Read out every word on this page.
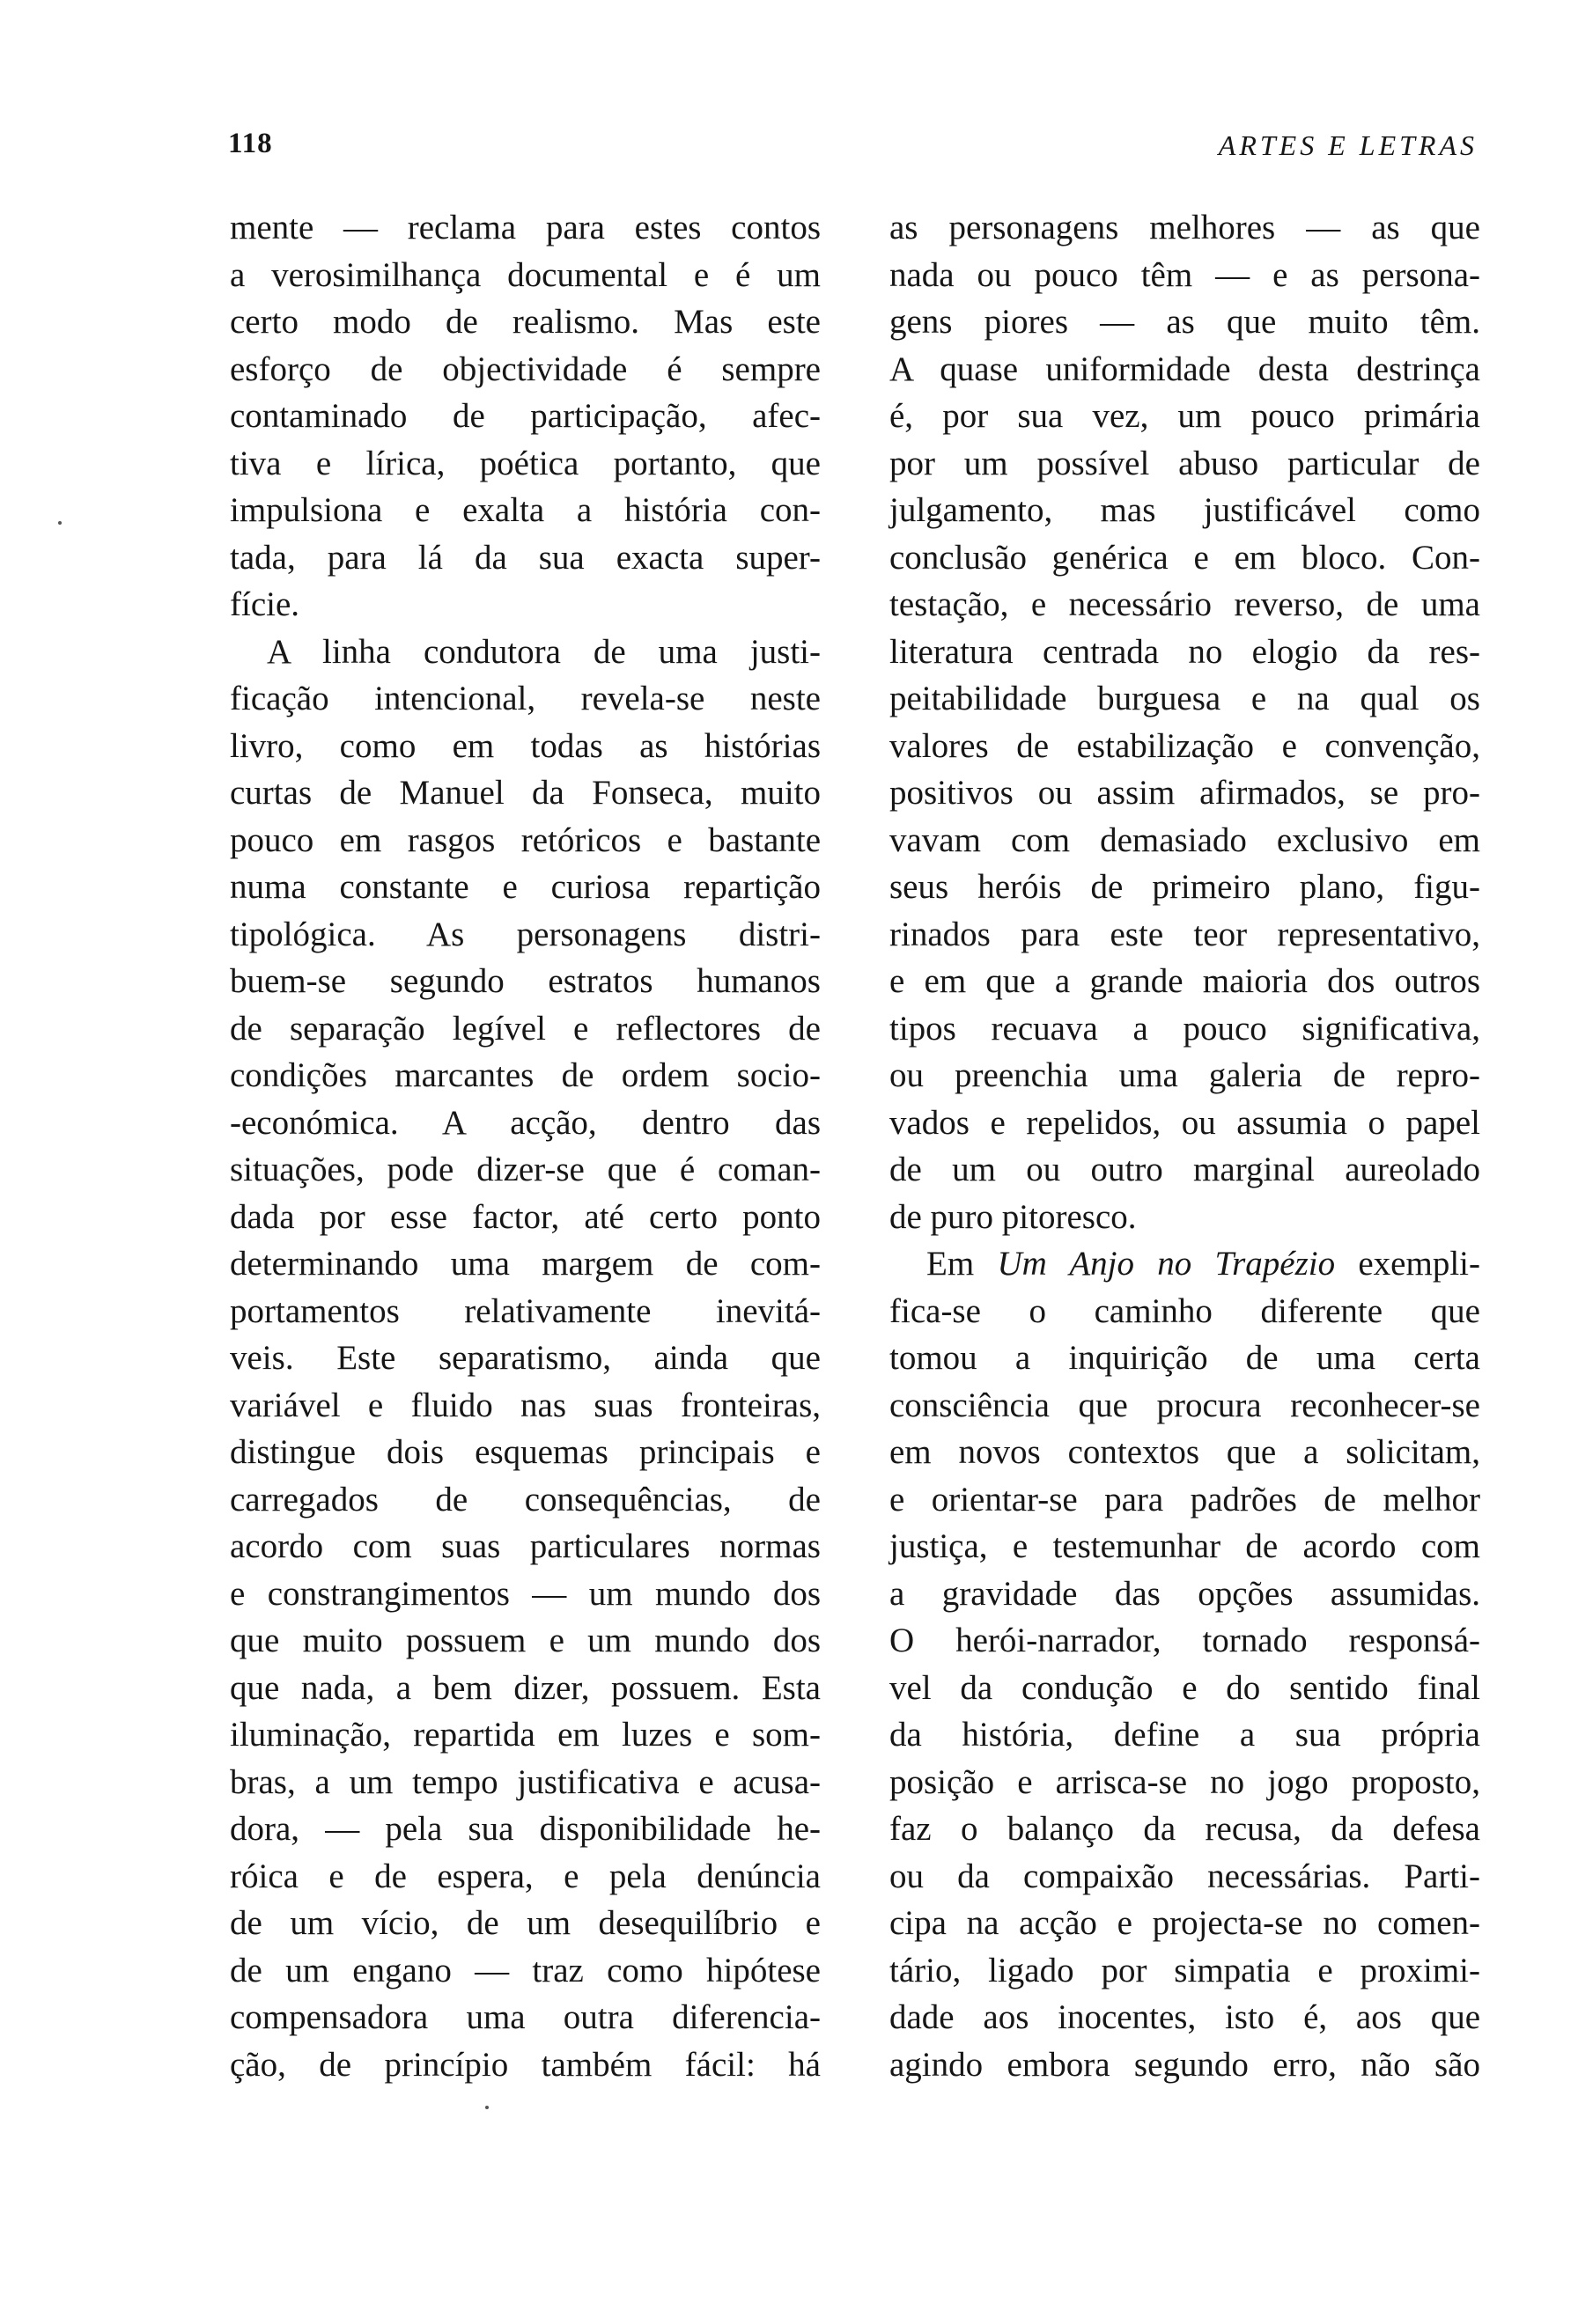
118	ARTES E LETRAS
mente — reclama para estes contos
a verosimilhança documental e é um
certo modo de realismo. Mas este
esforço de objectividade é sempre
contaminado de participação, afec-
tiva e lírica, poética portanto, que
impulsiona e exalta a história con-
tada, para lá da sua exacta super-
fície.
A linha condutora de uma justi-
ficação intencional, revela-se neste
livro, como em todas as histórias
curtas de Manuel da Fonseca, muito
pouco em rasgos retóricos e bastante
numa constante e curiosa repartição
tipológica. As personagens distri-
buem-se segundo estratos humanos
de separação legível e reflectores de
condições marcantes de ordem socio-
-económica. A acção, dentro das
situações, pode dizer-se que é coman-
dada por esse factor, até certo ponto
determinando uma margem de com-
portamentos relativamente inevitá-
veis. Este separatismo, ainda que
variável e fluido nas suas fronteiras,
distingue dois esquemas principais e
carregados de consequências, de
acordo com suas particulares normas
e constrangimentos — um mundo dos
que muito possuem e um mundo dos
que nada, a bem dizer, possuem. Esta
iluminação, repartida em luzes e som-
bras, a um tempo justificativa e acusa-
dora, — pela sua disponibilidade he-
róica e de espera, e pela denúncia
de um vício, de um desequilíbrio e
de um engano — traz como hipótese
compensadora uma outra diferencia-
ção, de princípio também fácil: há
as personagens melhores — as que
nada ou pouco têm — e as persona-
gens piores — as que muito têm.
A quase uniformidade desta destrinça
é, por sua vez, um pouco primária
por um possível abuso particular de
julgamento, mas justificável como
conclusão genérica e em bloco. Con-
testação, e necessário reverso, de uma
literatura centrada no elogio da res-
peitabilidade burguesa e na qual os
valores de estabilização e convenção,
positivos ou assim afirmados, se pro-
vavam com demasiado exclusivo em
seus heróis de primeiro plano, figu-
rinados para este teor representativo,
e em que a grande maioria dos outros
tipos recuava a pouco significativa,
ou preenchia uma galeria de repro-
vados e repelidos, ou assumia o papel
de um ou outro marginal aureolado
de puro pitoresco.
Em Um Anjo no Trapézio exempli-
fica-se o caminho diferente que
tomou a inquirição de uma certa
consciência que procura reconhecer-se
em novos contextos que a solicitam,
e orientar-se para padrões de melhor
justiça, e testemunhar de acordo com
a gravidade das opções assumidas.
O herói-narrador, tornado responsá-
vel da condução e do sentido final
da história, define a sua própria
posição e arrisca-se no jogo proposto,
faz o balanço da recusa, da defesa
ou da compaixão necessárias. Parti-
cipa na acção e projecta-se no comen-
tário, ligado por simpatia e proximi-
dade aos inocentes, isto é, aos que
agindo embora segundo erro, não são
